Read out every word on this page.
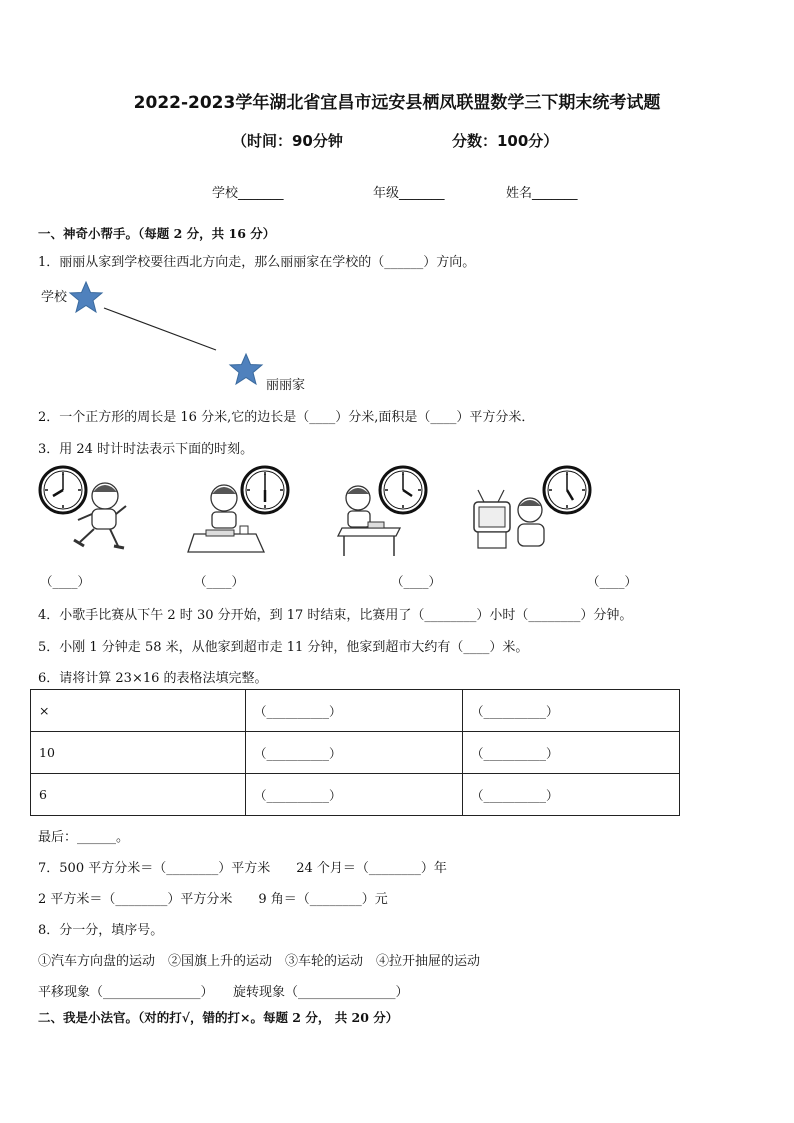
2022-2023学年湖北省宜昌市远安县栖凤联盟数学三下期末统考试题
（时间：90分钟	分数：100分）
学校_______	年级_______	姓名_______
一、神奇小帮手。（每题 2 分，共 16 分）
1．丽丽从家到学校要往西北方向走，那么丽丽家在学校的（______）方向。
学校
丽丽家
2．一个正方形的周长是 16 分米,它的边长是（____）分米,面积是（____）平方分米．
3．用 24 时计时法表示下面的时刻。
（____）	（____）	（____）	（____）
4．小歌手比赛从下午 2 时 30 分开始，到 17 时结束，比赛用了（________）小时（________）分钟。
5．小刚 1 分钟走 58 米，从他家到超市走 11 分钟，他家到超市大约有（____）米。
6．请将计算 23×16 的表格法填完整。
×	（__________）	（__________）
10	（__________）	（__________）
6	（__________）	（__________）
最后：______。
7．500 平方分米＝（________）平方米　　24 个月＝（________）年
2 平方米＝（________）平方分米　　9 角＝（________）元
8．分一分，填序号。
①汽车方向盘的运动　②国旗上升的运动　③车轮的运动　④拉开抽屉的运动
平移现象（_______________）　　旋转现象（_______________）
二、我是小法官。（对的打√，错的打×。每题 2 分， 共 20 分）
